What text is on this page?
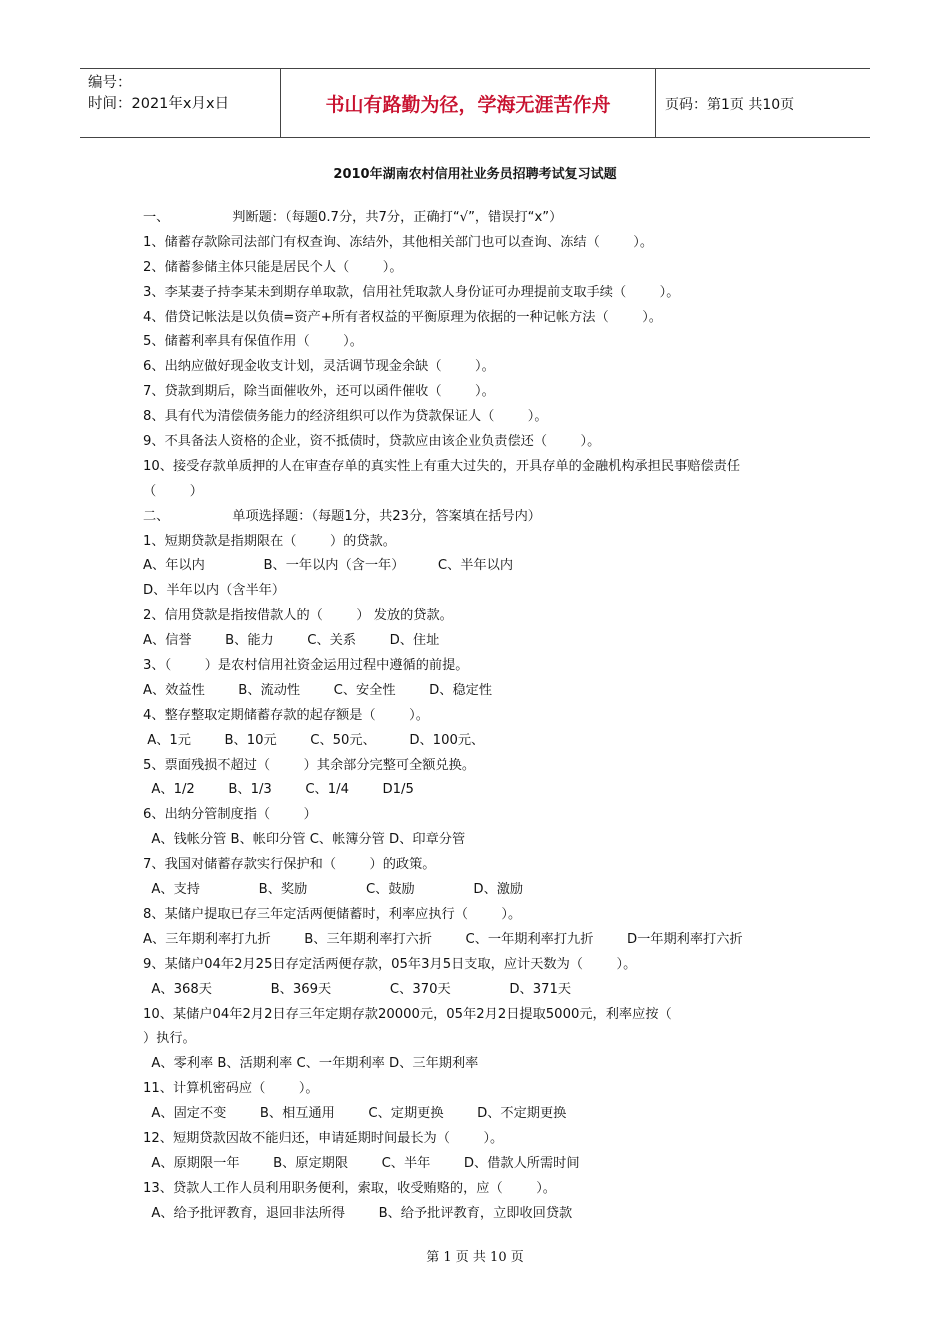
编号：
时间：2021年x月x日	书山有路勤为径，学海无涯苦作舟	页码：第1页 共10页
2010年湖南农村信用社业务员招聘考试复习试题
一、               判断题：（每题0.7分，共7分，正确打“√”，错误打“x”）
1、储蓄存款除司法部门有权查询、冻结外，其他相关部门也可以查询、冻结（        ）。
2、储蓄参储主体只能是居民个人（        ）。
3、李某妻子持李某未到期存单取款，信用社凭取款人身份证可办理提前支取手续（        ）。
4、借贷记帐法是以负债=资产+所有者权益的平衡原理为依据的一种记帐方法（        ）。
5、储蓄利率具有保值作用（        ）。
6、出纳应做好现金收支计划，灵活调节现金余缺（        ）。
7、贷款到期后，除当面催收外，还可以函件催收（        ）。
8、具有代为清偿债务能力的经济组织可以作为贷款保证人（        ）。
9、不具备法人资格的企业，资不抵债时，贷款应由该企业负责偿还（        ）。
10、接受存款单质押的人在审查存单的真实性上有重大过失的，开具存单的金融机构承担民事赔偿责任
（        ）
二、               单项选择题：（每题1分，共23分，答案填在括号内）
1、短期贷款是指期限在（        ）的贷款。
A、年以内              B、一年以内（含一年）        C、半年以内
D、半年以内（含半年）
2、信用贷款是指按借款人的（        ） 发放的贷款。
A、信誉        B、能力        C、关系        D、住址
3、（        ）是农村信用社资金运用过程中遵循的前提。
A、效益性        B、流动性        C、安全性        D、稳定性
4、整存整取定期储蓄存款的起存额是（        ）。
A、1元        B、10元        C、50元、        D、100元、
5、票面残损不超过（        ）其余部分完整可全额兑换。
A、1/2        B、1/3        C、1/4        D1/5
6、出纳分管制度指（        ）
A、钱帐分管 B、帐印分管 C、帐簿分管 D、印章分管
7、我国对储蓄存款实行保护和（        ）的政策。
A、支持              B、奖励              C、鼓励              D、激励
8、某储户提取已存三年定活两便储蓄时，利率应执行（        ）。
A、三年期利率打九折        B、三年期利率打六折        C、一年期利率打九折        D一年期利率打六折
9、某储户04年2月25日存定活两便存款，05年3月5日支取，应计天数为（        ）。
A、368天              B、369天              C、370天              D、371天
10、某储户04年2月2日存三年定期存款20000元，05年2月2日提取5000元，利率应按（
）执行。
A、零利率 B、活期利率 C、一年期利率 D、三年期利率
11、计算机密码应（        ）。
A、固定不变        B、相互通用        C、定期更换        D、不定期更换
12、短期贷款因故不能归还，申请延期时间最长为（        ）。
A、原期限一年        B、原定期限        C、半年        D、借款人所需时间
13、贷款人工作人员利用职务便利，索取，收受贿赂的，应（        ）。
A、给予批评教育，退回非法所得        B、给予批评教育，立即收回贷款
第 1 页 共 10 页
